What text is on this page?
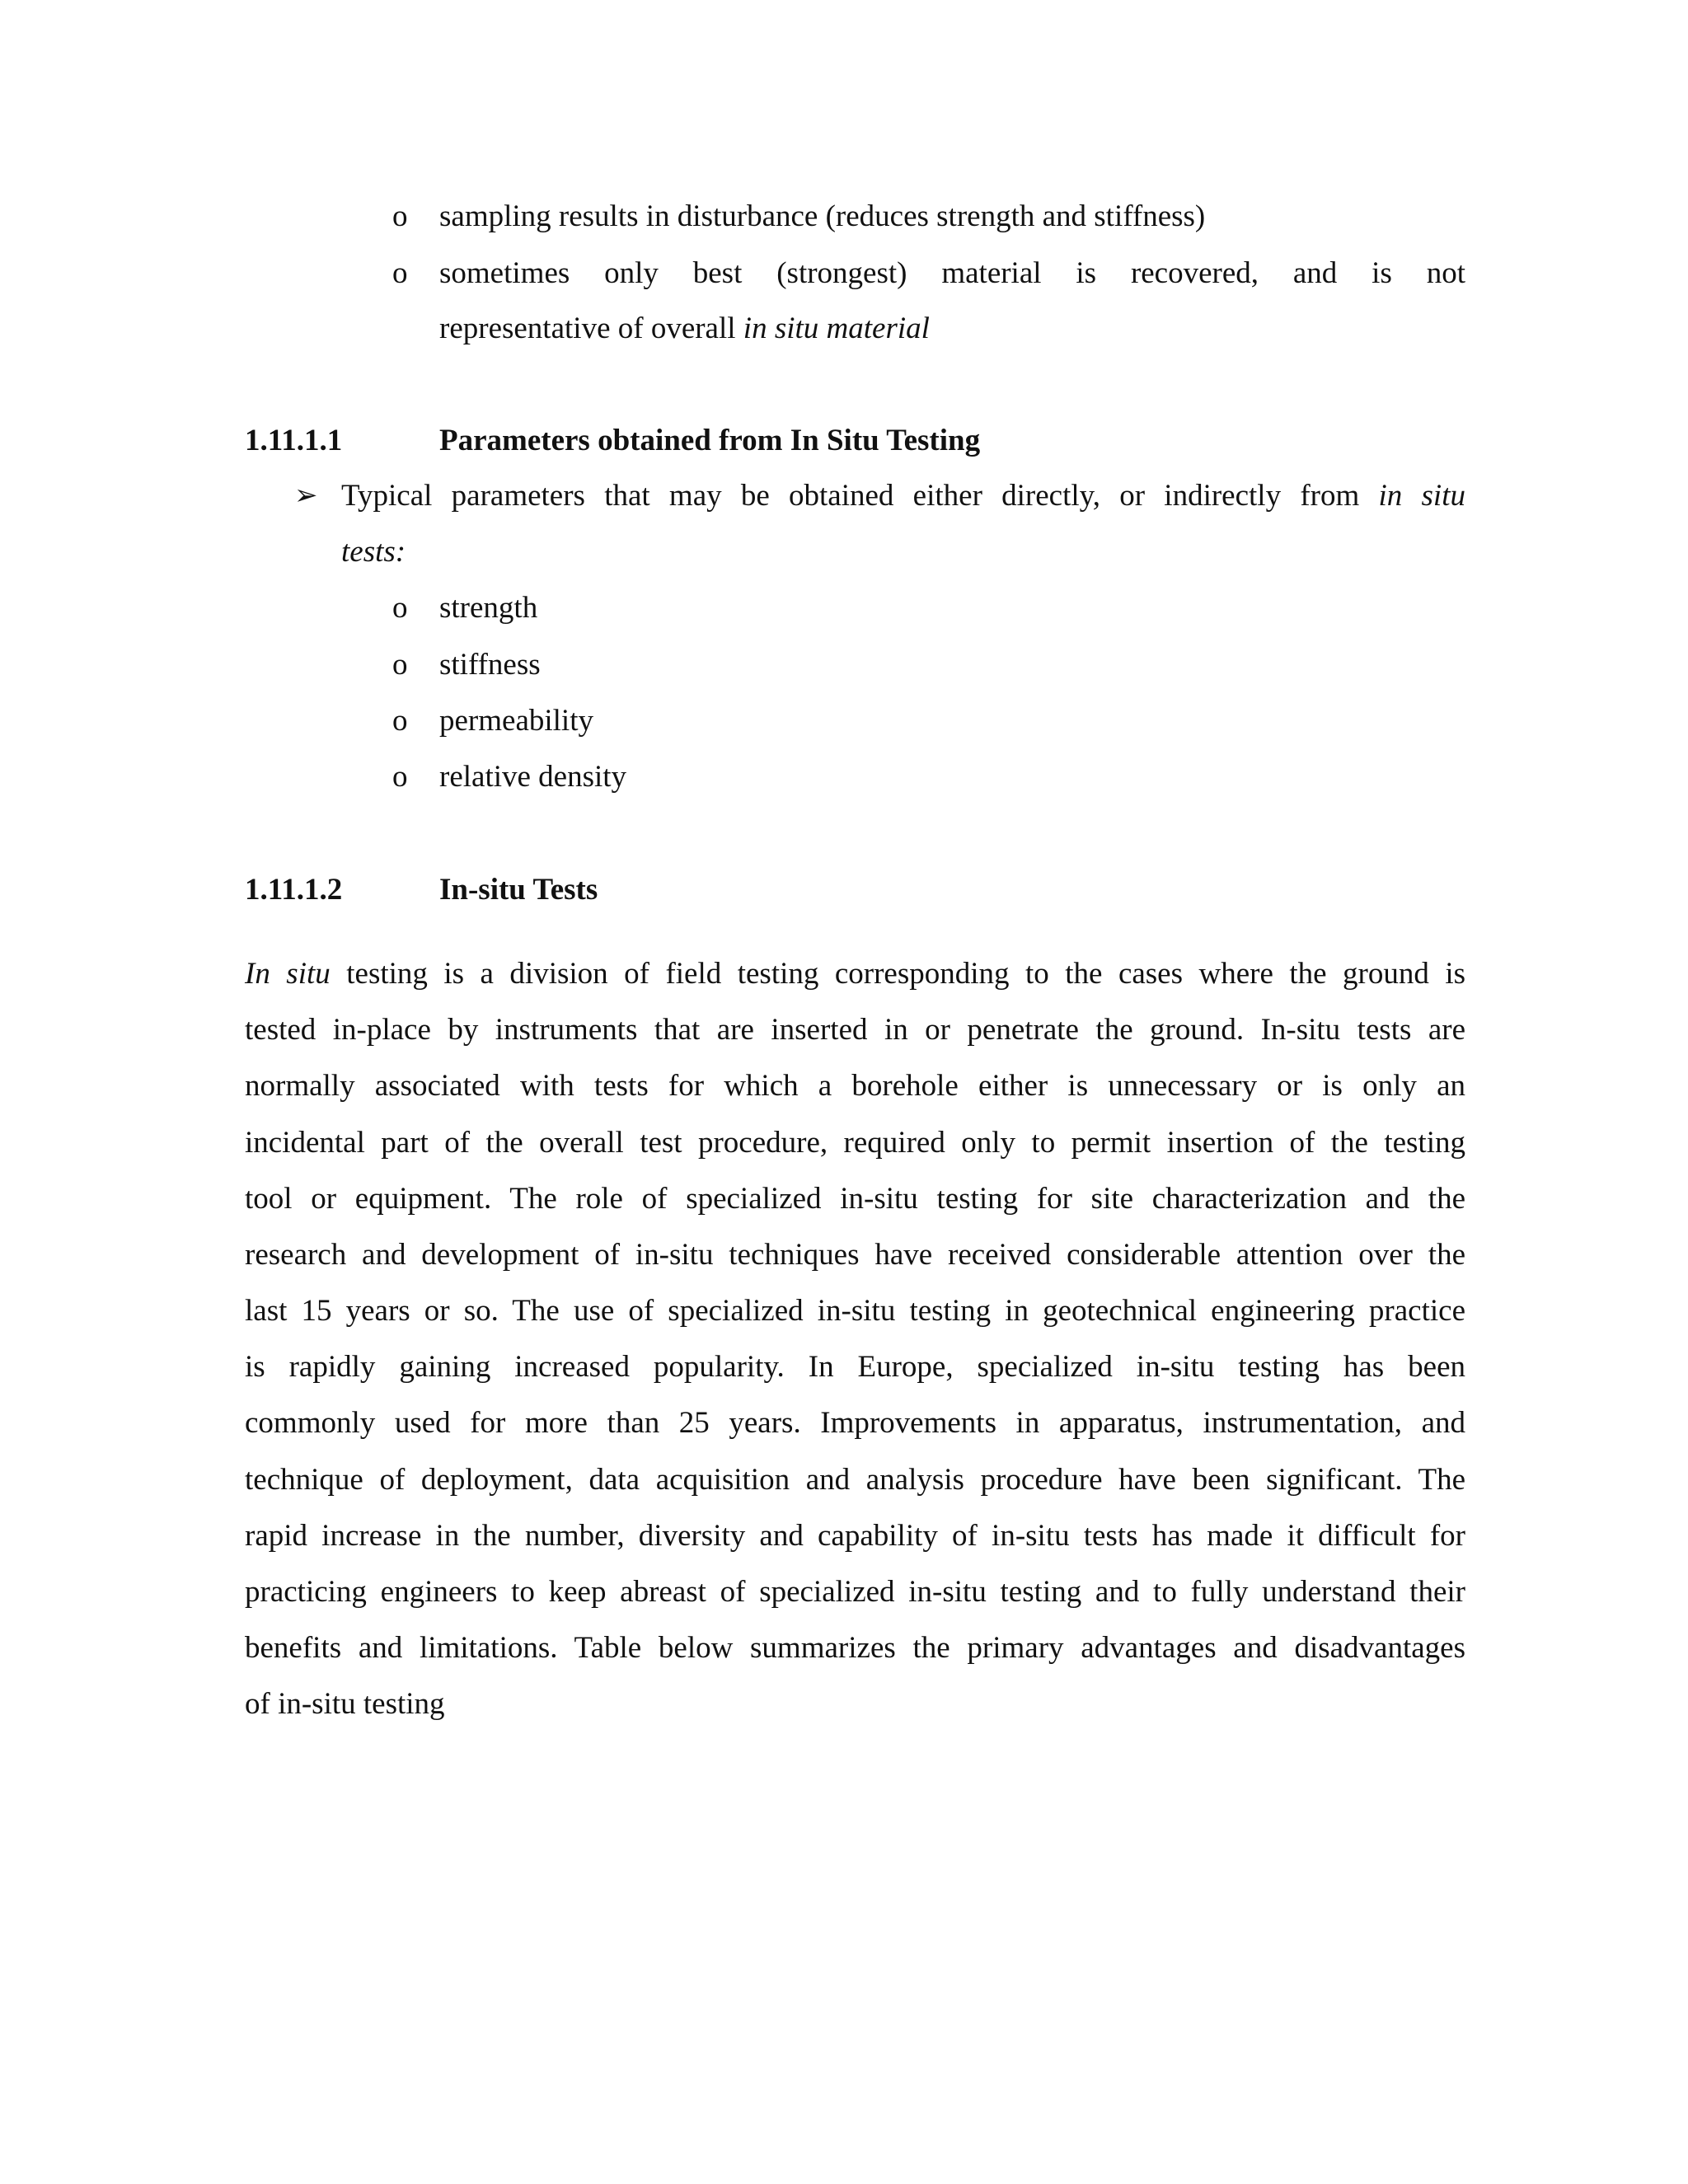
o sampling results in disturbance (reduces strength and stiffness)
o sometimes only best (strongest) material is recovered, and is not
representative of overall in situ material
1.11.1.1	Parameters obtained from In Situ Testing
➢ Typical parameters that may be obtained either directly, or indirectly from in situ
tests:
o strength
o stiffness
o permeability
o relative density
1.11.1.2	In-situ Tests
In situ testing is a division of field testing corresponding to the cases where the ground is
tested in-place by instruments that are inserted in or penetrate the ground. In-situ tests are
normally associated with tests for which a borehole either is unnecessary or is only an
incidental part of the overall test procedure, required only to permit insertion of the testing
tool or equipment. The role of specialized in-situ testing for site characterization and the
research and development of in-situ techniques have received considerable attention over the
last 15 years or so. The use of specialized in-situ testing in geotechnical engineering practice
is rapidly gaining increased popularity. In Europe, specialized in-situ testing has been
commonly used for more than 25 years. Improvements in apparatus, instrumentation, and
technique of deployment, data acquisition and analysis procedure have been significant. The
rapid increase in the number, diversity and capability of in-situ tests has made it difficult for
practicing engineers to keep abreast of specialized in-situ testing and to fully understand their
benefits and limitations. Table below summarizes the primary advantages and disadvantages
of in-situ testing
